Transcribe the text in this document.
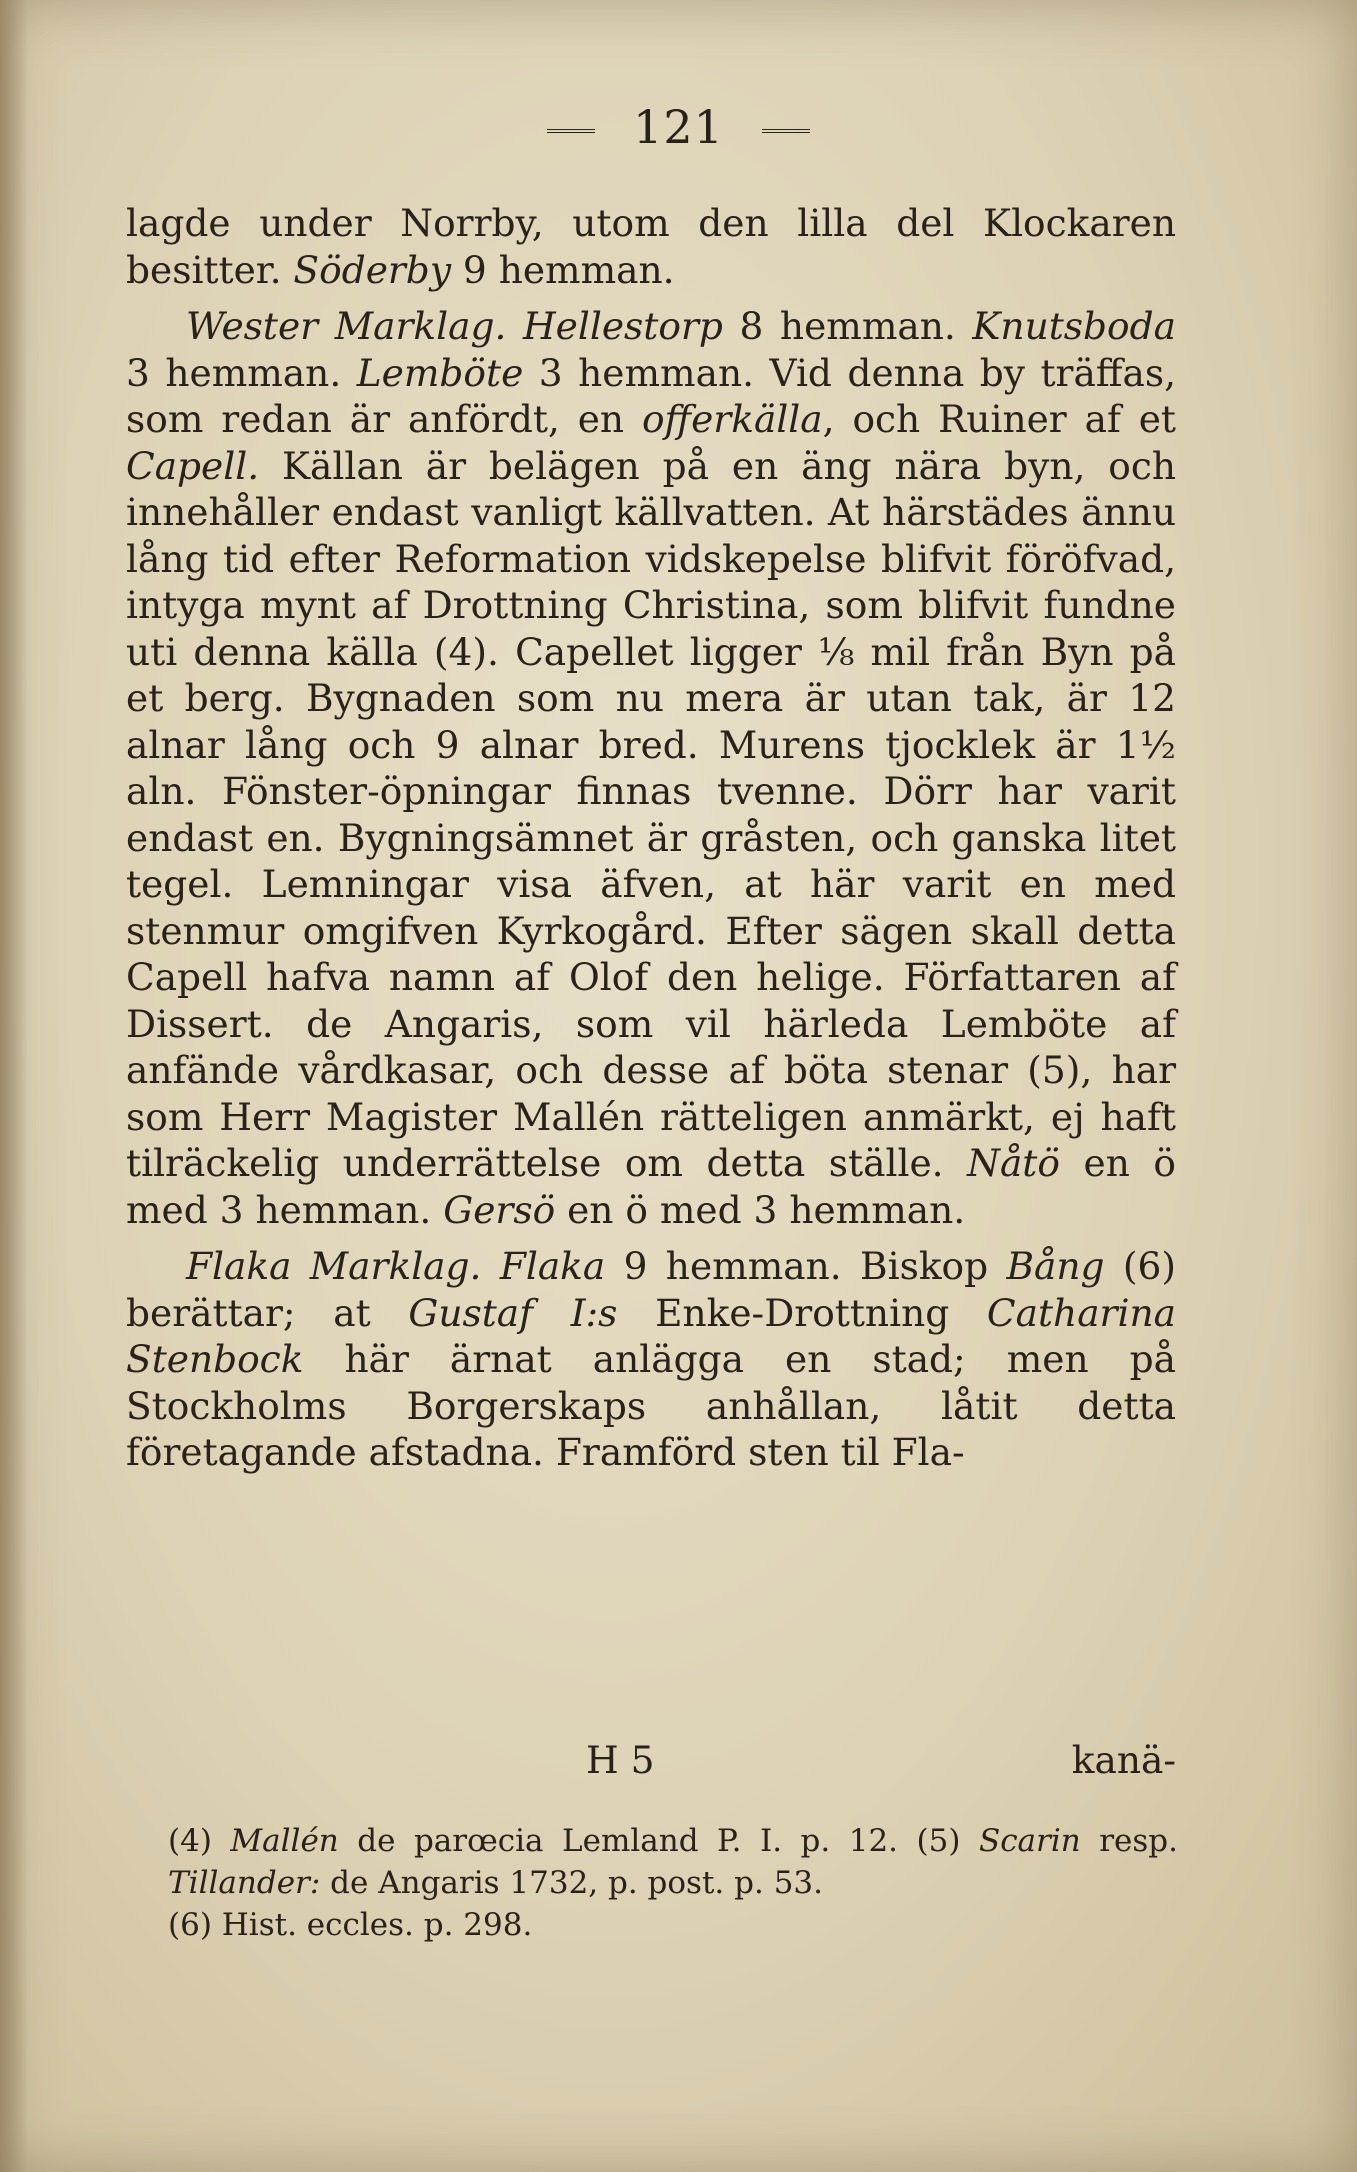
121

lagde under Norrby, utom den lilla del Klockaren besitter. Söderby 9 hemman.

Wester Marklag. Hellestorp 8 hemman. Knutsboda 3 hemman. Lemböte 3 hemman. Vid denna by träffas, som redan är anfördt, en offerkälla, och Ruiner af et Capell. Källan är belägen på en äng nära byn, och innehåller endast vanligt källvatten. At härstädes ännu lång tid efter Reformation vidskepelse blifvit föröfvad, intyga mynt af Drottning Christina, som blifvit fundne uti denna källa (4). Capellet ligger ⅛ mil från Byn på et berg. Bygnaden som nu mera är utan tak, är 12 alnar lång och 9 alnar bred. Murens tjocklek är 1½ aln. Fönster-öpningar finnas tvenne. Dörr har varit endast en. Bygningsämnet är gråsten, och ganska litet tegel. Lemningar visa äfven, at här varit en med stenmur omgifven Kyrkogård. Efter sägen skall detta Capell hafva namn af Olof den helige. Författaren af Dissert. de Angaris, som vil härleda Lemböte af anfände vårdkasar, och desse af böta stenar (5), har som Herr Magister Mallén rätteligen anmärkt, ej haft tilräckelig underrättelse om detta ställe. Nåtö en ö med 3 hemman. Gersö en ö med 3 hemman.

Flaka Marklag. Flaka 9 hemman. Biskop Bång (6) berättar; at Gustaf I:s Enke-Drottning Catharina Stenbock här ärnat anlägga en stad; men på Stockholms Borgerskaps anhållan, låtit detta företagande afstadna. Framförd sten til Fla-

H 5	kanä-

(4) Mallén de parœcia Lemland P. I. p. 12. (5) Scarin resp. Tillander: de Angaris 1732, p. post. p. 53.

(6) Hist. eccles. p. 298.
